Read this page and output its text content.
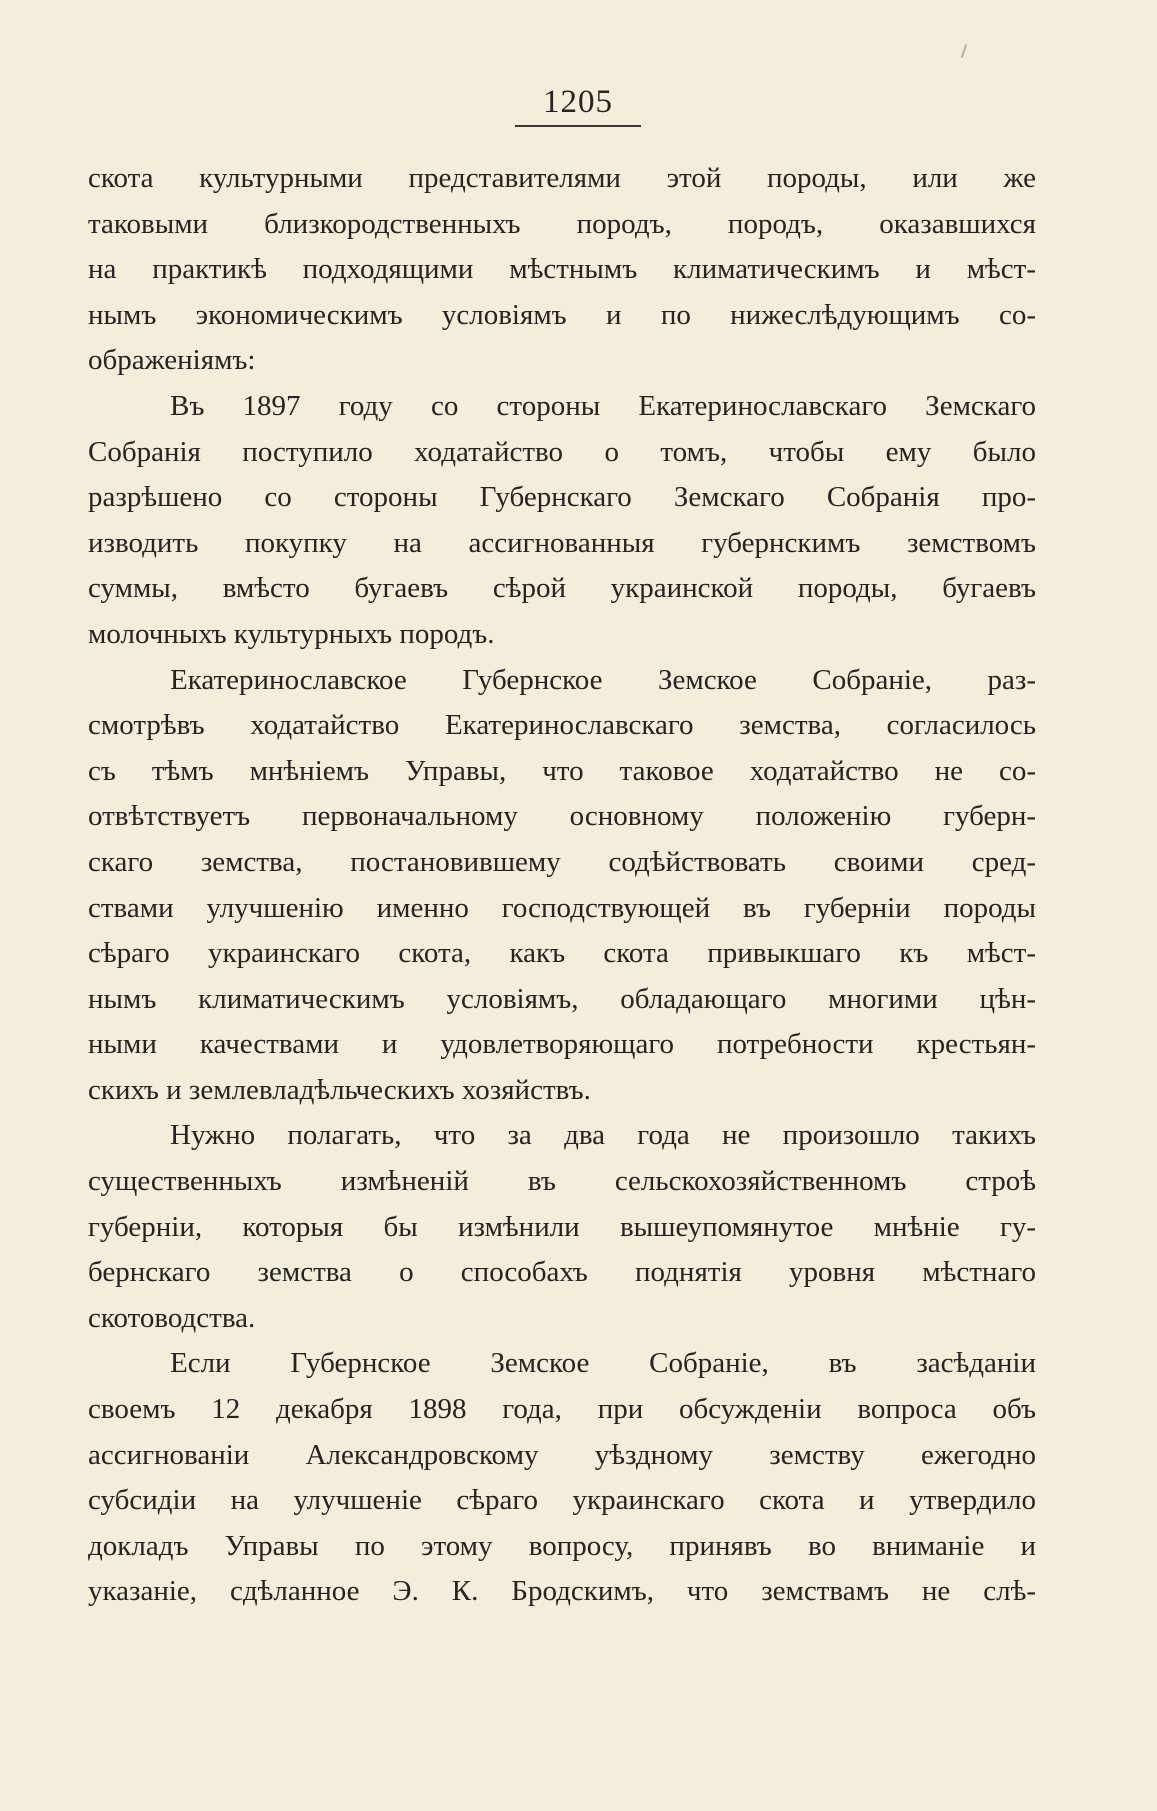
1205
скота культурными представителями этой породы, или же
таковыми близкородственныхъ породъ, породъ, оказавшихся
на практикѣ подходящими мѣстнымъ климатическимъ и мѣст-
нымъ экономическимъ условiямъ и по нижеслѣдующимъ со-
ображенiямъ:
Въ 1897 году со стороны Екатеринославскаго Земскаго
Собранiя поступило ходатайство о томъ, чтобы ему было
разрѣшено со стороны Губернскаго Земскаго Собранiя про-
изводить покупку на ассигнованныя губернскимъ земствомъ
суммы, вмѣсто бугаевъ сѣрой украинской породы, бугаевъ
молочныхъ культурныхъ породъ.
Екатеринославское Губернское Земское Собранiе, раз-
смотрѣвъ ходатайство Екатеринославскаго земства, согласилось
съ тѣмъ мнѣнiемъ Управы, что таковое ходатайство не со-
отвѣтствуетъ первоначальному основному положенiю губерн-
скаго земства, постановившему содѣйствовать своими сред-
ствами улучшенiю именно господствующей въ губернiи породы
сѣраго украинскаго скота, какъ скота привыкшаго къ мѣст-
нымъ климатическимъ условiямъ, обладающаго многими цѣн-
ными качествами и удовлетворяющаго потребности крестьян-
скихъ и землевладѣльческихъ хозяйствъ.
Нужно полагать, что за два года не произошло такихъ
существенныхъ измѣненiй въ сельскохозяйственномъ строѣ
губернiи, которыя бы измѣнили вышеупомянутое мнѣнiе гу-
бернскаго земства о способахъ поднятiя уровня мѣстнаго
скотоводства.
Если Губернское Земское Собранiе, въ засѣданiи
своемъ 12 декабря 1898 года, при обсужденiи вопроса объ
ассигнованiи Александровскому уѣздному земству ежегодно
субсидiи на улучшенiе сѣраго украинскаго скота и утвердило
докладъ Управы по этому вопросу, принявъ во вниманiе и
указанiе, сдѣланное Э. К. Бродскимъ, что земствамъ не слѣ-
